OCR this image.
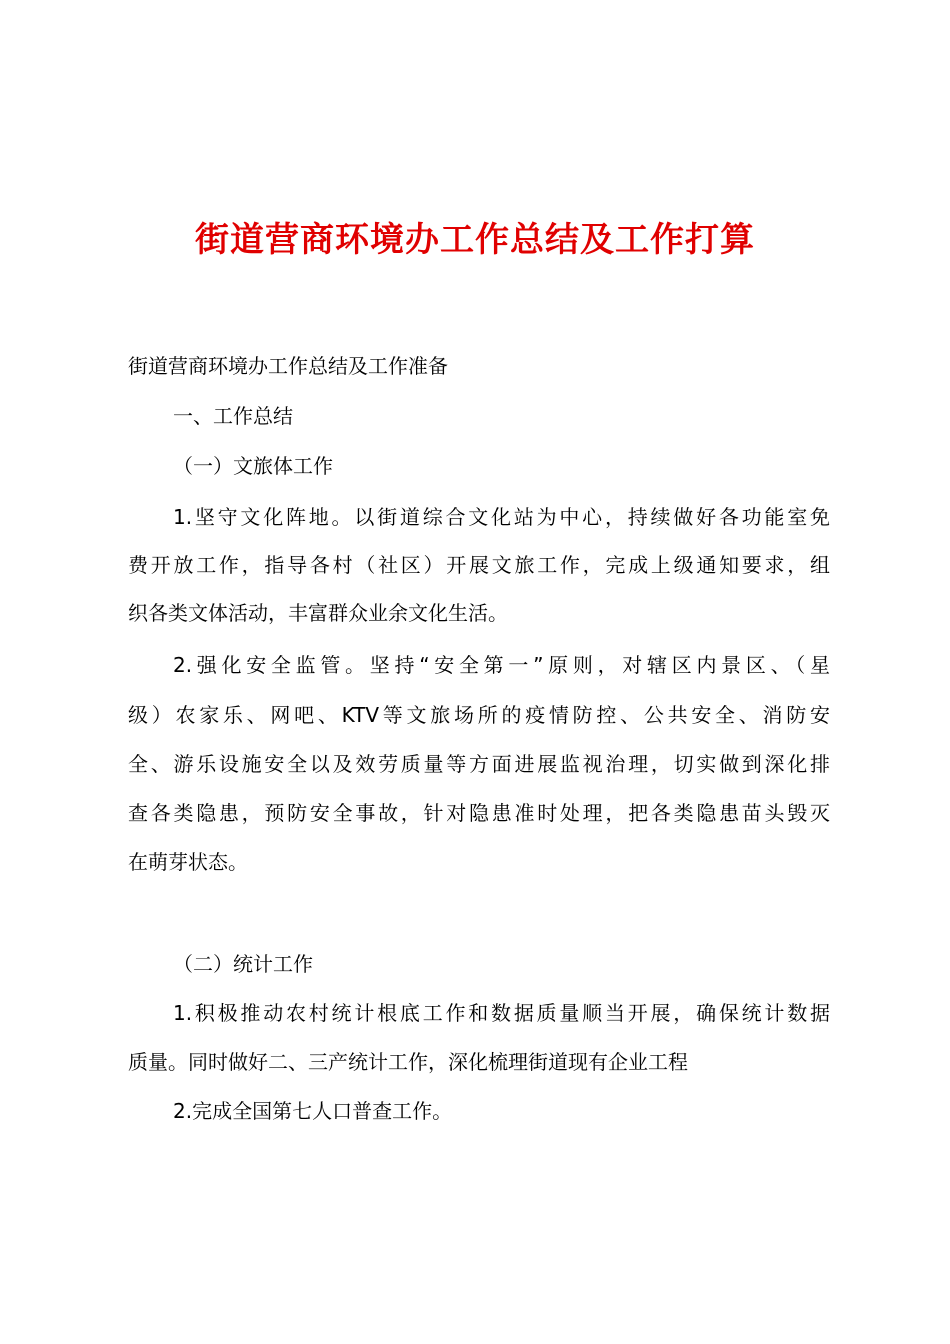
街道营商环境办工作总结及工作打算
街道营商环境办工作总结及工作准备
一、工作总结
（一）文旅体工作
1.坚守文化阵地。以街道综合文化站为中心，持续做好各功能室免
费开放工作，指导各村（社区）开展文旅工作，完成上级通知要求，组
织各类文体活动，丰富群众业余文化生活。
2.强化安全监管。坚持“安全第一”原则，对辖区内景区、（星
级）农家乐、网吧、KTV等文旅场所的疫情防控、公共安全、消防安
全、游乐设施安全以及效劳质量等方面进展监视治理，切实做到深化排
查各类隐患，预防安全事故，针对隐患准时处理，把各类隐患苗头毁灭
在萌芽状态。
（二）统计工作
1.积极推动农村统计根底工作和数据质量顺当开展，确保统计数据
质量。同时做好二、三产统计工作，深化梳理街道现有企业工程
2.完成全国第七人口普查工作。
